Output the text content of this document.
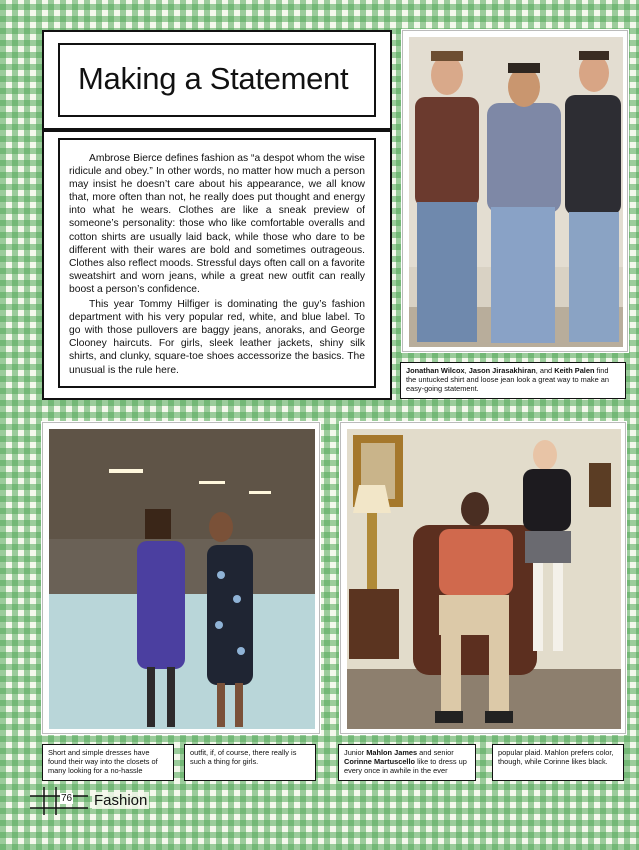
Making a Statement

Ambrose Bierce defines fashion as “a despot whom the wise ridicule and obey.” In other words, no matter how much a person may insist he doesn’t care about his appearance, we all know that, more often than not, he really does put thought and energy into what he wears. Clothes are like a sneak preview of someone’s personality: those who like comfortable overalls and cotton shirts are usually laid back, while those who dare to be different with their wares are bold and sometimes outrageous. Clothes also reflect moods. Stressful days often call on a favorite sweatshirt and worn jeans, while a great new outfit can really boost a person’s confidence.

This year Tommy Hilfiger is dominating the guy’s fashion department with his very popular red, white, and blue label. To go with those pullovers are baggy jeans, anoraks, and George Clooney haircuts. For girls, sleek leather jackets, shiny silk shirts, and clunky, square-toe shoes accessorize the basics. The unusual is the rule here.	Jonathan Wilcox, Jason Jirasakhiran, and Keith Palen find the untucked shirt and loose jean look a great way to make an easy-going statement.
Short and simple dresses have found their way into the closets of many looking for a no-hassle
outfit, if, of course, there really is such a thing for girls.
Junior Mahlon James and senior Corinne Martuscello like to dress up every once in awhile in the ever
popular plaid. Mahlon prefers color, though, while Corinne likes black.
76 Fashion
